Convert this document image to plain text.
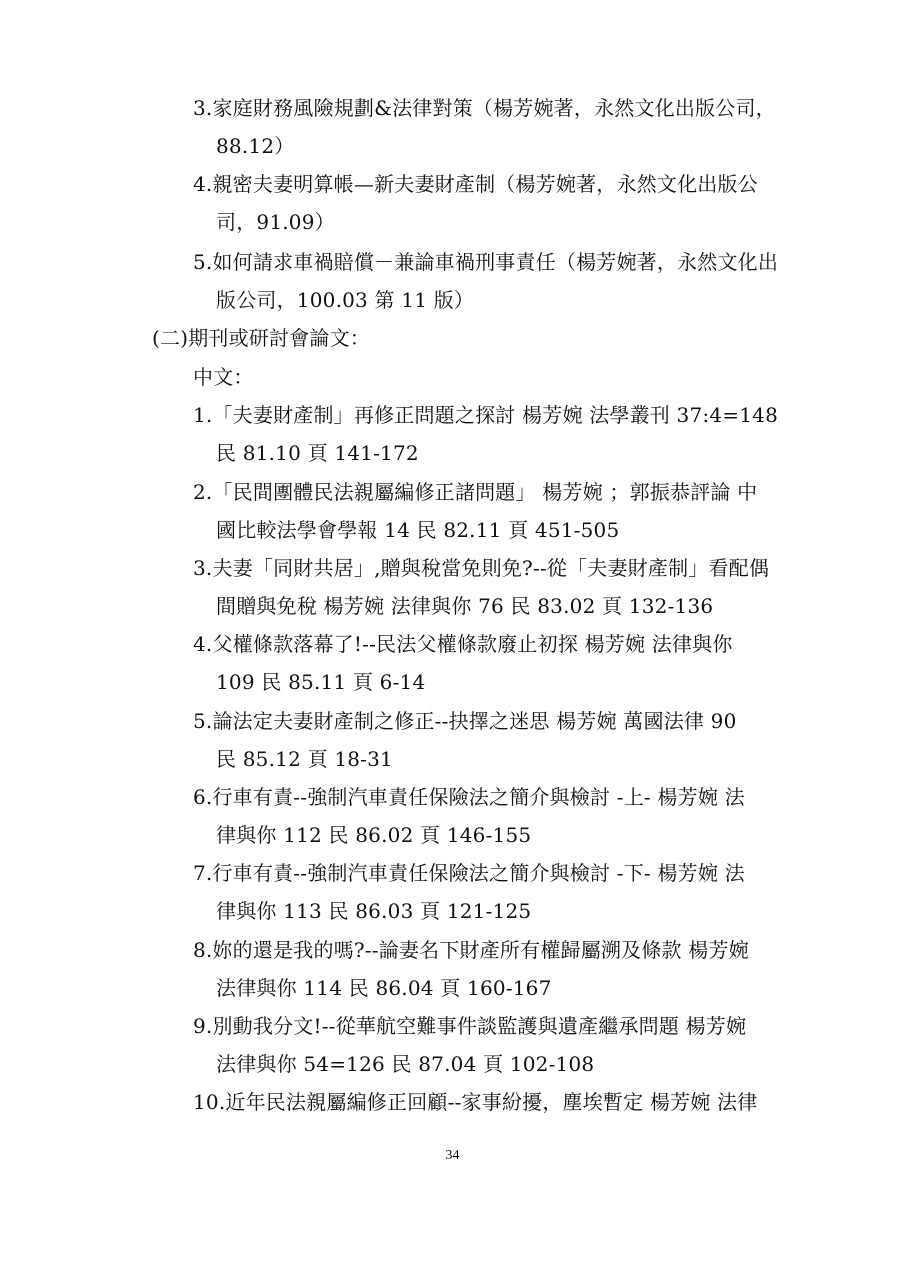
3.家庭財務風險規劃&法律對策（楊芳婉著，永然文化出版公司，
88.12）
4.親密夫妻明算帳—新夫妻財產制（楊芳婉著，永然文化出版公
司，91.09）
5.如何請求車禍賠償－兼論車禍刑事責任（楊芳婉著，永然文化出
版公司，100.03 第 11 版）
(二)期刊或研討會論文：
中文：
1.「夫妻財產制」再修正問題之探討 楊芳婉 法學叢刊 37:4=148
民 81.10 頁 141-172
2.「民間團體民法親屬編修正諸問題」 楊芳婉 ；郭振恭評論 中
國比較法學會學報 14 民 82.11 頁 451-505
3.夫妻「同財共居」,贈與稅當免則免?--從「夫妻財產制」看配偶
間贈與免稅 楊芳婉 法律與你 76 民 83.02 頁 132-136
4.父權條款落幕了!--民法父權條款廢止初探 楊芳婉 法律與你
109 民 85.11 頁 6-14
5.論法定夫妻財產制之修正--抉擇之迷思 楊芳婉 萬國法律 90
民 85.12 頁 18-31
6.行車有責--強制汽車責任保險法之簡介與檢討 -上- 楊芳婉 法
律與你 112 民 86.02 頁 146-155
7.行車有責--強制汽車責任保險法之簡介與檢討 -下- 楊芳婉 法
律與你 113 民 86.03 頁 121-125
8.妳的還是我的嗎?--論妻名下財產所有權歸屬溯及條款 楊芳婉
法律與你 114 民 86.04 頁 160-167
9.別動我分文!--從華航空難事件談監護與遺產繼承問題 楊芳婉
法律與你 54=126 民 87.04 頁 102-108
10.近年民法親屬編修正回顧--家事紛擾，塵埃暫定 楊芳婉 法律
34
